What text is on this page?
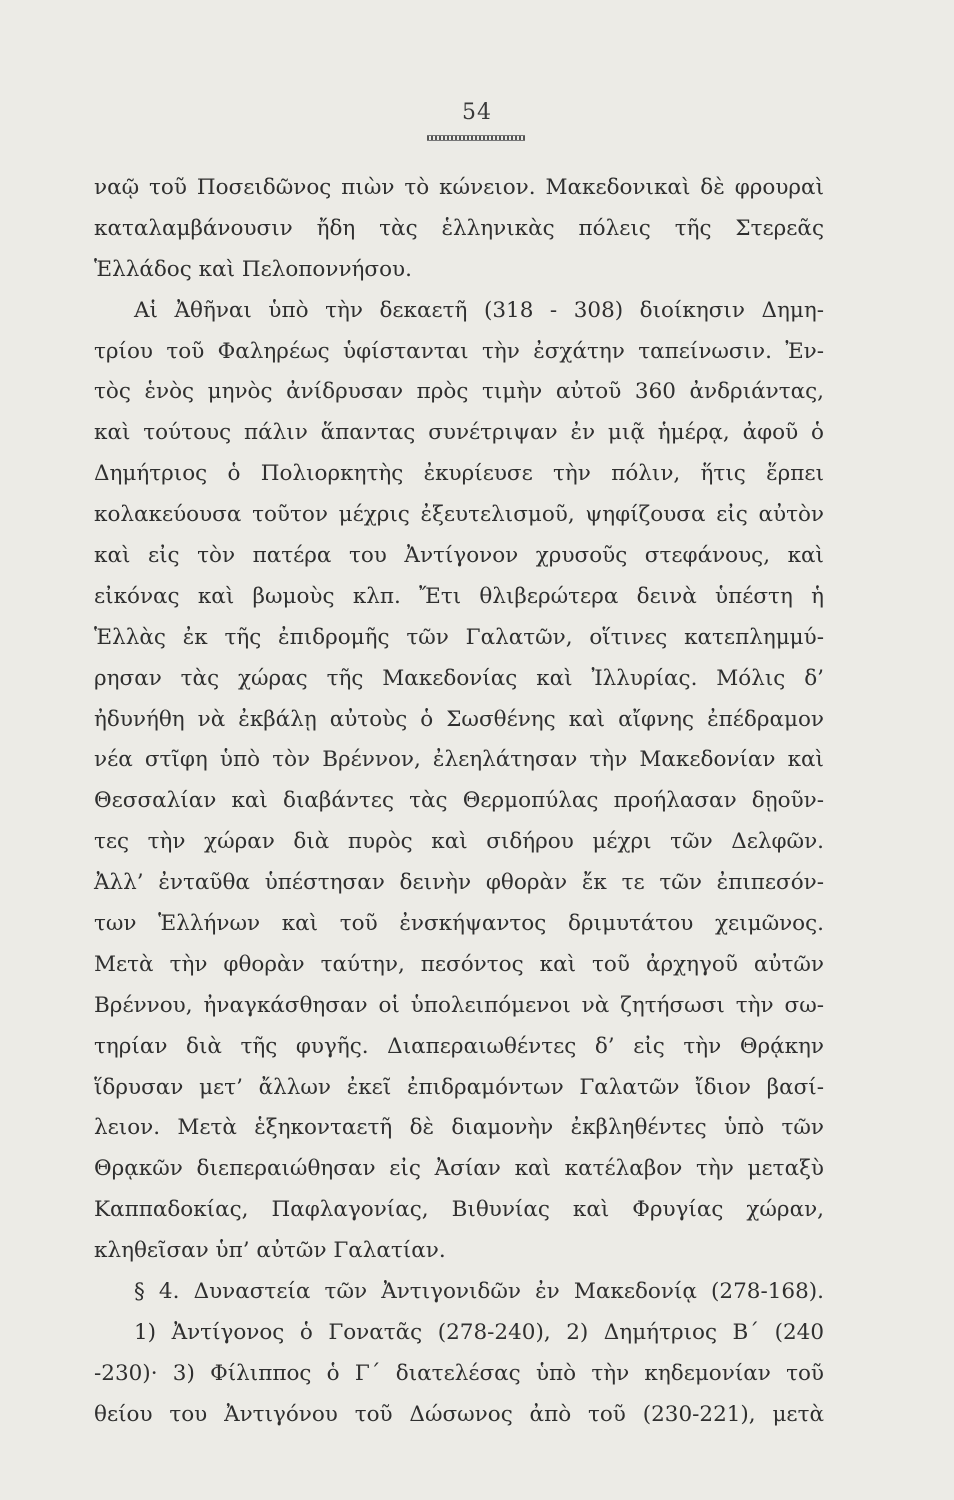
54
ναῷ τοῦ Ποσειδῶνος πιὼν τὸ κώνειον. Μακεδονικαὶ δὲ φρουραὶ
καταλαμβάνουσιν ἤδη τὰς ἑλληνικὰς πόλεις τῆς Στερεᾶς
Ἑλλάδος καὶ Πελοποννήσου.
Αἱ Ἀθῆναι ὑπὸ τὴν δεκαετῆ (318 - 308) διοίκησιν Δημη-
τρίου τοῦ Φαληρέως ὑφίστανται τὴν ἐσχάτην ταπείνωσιν. Ἐν-
τὸς ἑνὸς μηνὸς ἀνίδρυσαν πρὸς τιμὴν αὐτοῦ 360 ἀνδριάντας,
καὶ τούτους πάλιν ἅπαντας συνέτριψαν ἐν μιᾷ ἡμέρᾳ, ἀφοῦ ὁ
Δημήτριος ὁ Πολιορκητὴς ἐκυρίευσε τὴν πόλιν, ἥτις ἕρπει
κολακεύουσα τοῦτον μέχρις ἐξευτελισμοῦ, ψηφίζουσα εἰς αὐτὸν
καὶ εἰς τὸν πατέρα του Ἀντίγονον χρυσοῦς στεφάνους, καὶ
εἰκόνας καὶ βωμοὺς κλπ. Ἔτι θλιβερώτερα δεινὰ ὑπέστη ἡ
Ἑλλὰς ἐκ τῆς ἐπιδρομῆς τῶν Γαλατῶν, οἵτινες κατεπλημμύ-
ρησαν τὰς χώρας τῆς Μακεδονίας καὶ Ἰλλυρίας. Μόλις δ’
ἠδυνήθη νὰ ἐκβάλῃ αὐτοὺς ὁ Σωσθένης καὶ αἴφνης ἐπέδραμον
νέα στῖφη ὑπὸ τὸν Βρέννον, ἐλεηλάτησαν τὴν Μακεδονίαν καὶ
Θεσσαλίαν καὶ διαβάντες τὰς Θερμοπύλας προήλασαν δῃοῦν-
τες τὴν χώραν διὰ πυρὸς καὶ σιδήρου μέχρι τῶν Δελφῶν.
Ἀλλ’ ἐνταῦθα ὑπέστησαν δεινὴν φθορὰν ἔκ τε τῶν ἐπιπεσόν-
των Ἑλλήνων καὶ τοῦ ἐνσκήψαντος δριμυτάτου χειμῶνος.
Μετὰ τὴν φθορὰν ταύτην, πεσόντος καὶ τοῦ ἀρχηγοῦ αὐτῶν
Βρέννου, ἠναγκάσθησαν οἱ ὑπολειπόμενοι νὰ ζητήσωσι τὴν σω-
τηρίαν διὰ τῆς φυγῆς. Διαπεραιωθέντες δ’ εἰς τὴν Θρᾴκην
ἵδρυσαν μετ’ ἄλλων ἐκεῖ ἐπιδραμόντων Γαλατῶν ἴδιον βασί-
λειον. Μετὰ ἑξηκονταετῆ δὲ διαμονὴν ἐκβληθέντες ὑπὸ τῶν
Θρᾳκῶν διεπεραιώθησαν εἰς Ἀσίαν καὶ κατέλαβον τὴν μεταξὺ
Καππαδοκίας, Παφλαγονίας, Βιθυνίας καὶ Φρυγίας χώραν,
κληθεῖσαν ὑπ’ αὐτῶν Γαλατίαν.
§ 4. Δυναστεία τῶν Ἀντιγονιδῶν ἐν Μακεδονίᾳ (278-168).
1) Ἀντίγονος ὁ Γονατᾶς (278-240), 2) Δημήτριος Β΄ (240
-230)· 3) Φίλιππος ὁ Γ΄ διατελέσας ὑπὸ τὴν κηδεμονίαν τοῦ
θείου του Ἀντιγόνου τοῦ Δώσωνος ἀπὸ τοῦ (230-221), μετὰ
